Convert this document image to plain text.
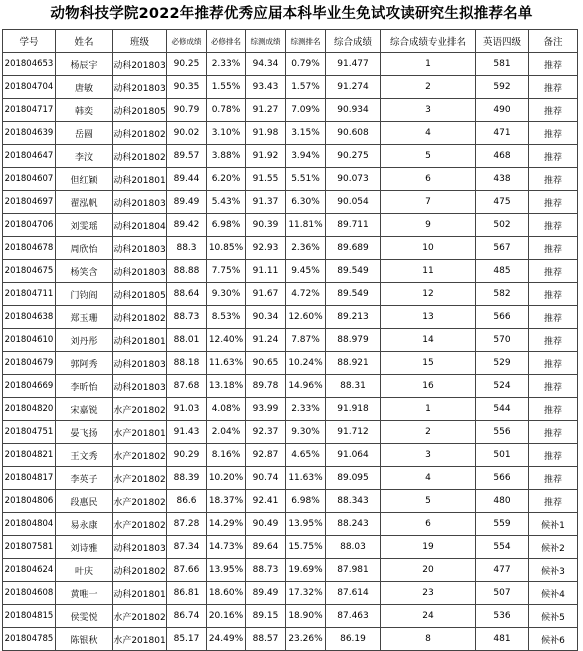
动物科技学院2022年推荐优秀应届本科毕业生免试攻读研究生拟推荐名单
学号	姓名	班级	必修成绩	必修排名	综测成绩	综测排名	综合成绩	综合成绩专业排名	英语四级	备注
201804653	杨辰宇	动科201803	90.25	2.33%	94.34	0.79%	91.477	1	581	推荐
201804704	唐敏	动科201803	90.35	1.55%	93.43	1.57%	91.274	2	592	推荐
201804717	韩奕	动科201805	90.79	0.78%	91.27	7.09%	90.934	3	490	推荐
201804639	岳圆	动科201802	90.02	3.10%	91.98	3.15%	90.608	4	471	推荐
201804647	李汶	动科201802	89.57	3.88%	91.92	3.94%	90.275	5	468	推荐
201804607	但红颖	动科201801	89.44	6.20%	91.55	5.51%	90.073	6	438	推荐
201804697	翟泓帆	动科201803	89.49	5.43%	91.37	6.30%	90.054	7	475	推荐
201804706	刘雯瑶	动科201804	89.42	6.98%	90.39	11.81%	89.711	9	502	推荐
201804678	周欣怡	动科201803	88.3	10.85%	92.93	2.36%	89.689	10	567	推荐
201804675	杨笑含	动科201803	88.88	7.75%	91.11	9.45%	89.549	11	485	推荐
201804711	门钧阎	动科201805	88.64	9.30%	91.67	4.72%	89.549	12	582	推荐
201804638	郑玉珊	动科201802	88.73	8.53%	90.34	12.60%	89.213	13	566	推荐
201804610	刘丹彤	动科201801	88.01	12.40%	91.24	7.87%	88.979	14	570	推荐
201804679	郭阿秀	动科201803	88.18	11.63%	90.65	10.24%	88.921	15	529	推荐
201804669	李昕怡	动科201803	87.68	13.18%	89.78	14.96%	88.31	16	524	推荐
201804820	宋嘉锐	水产201802	91.03	4.08%	93.99	2.33%	91.918	1	544	推荐
201804751	晏飞扬	水产201801	91.43	2.04%	92.37	9.30%	91.712	2	556	推荐
201804821	王文秀	水产201802	90.29	8.16%	92.87	4.65%	91.064	3	501	推荐
201804817	李英子	水产201802	88.39	10.20%	90.74	11.63%	89.095	4	566	推荐
201804806	段惠民	水产201802	86.6	18.37%	92.41	6.98%	88.343	5	480	推荐
201804804	易永康	水产201802	87.28	14.29%	90.49	13.95%	88.243	6	559	候补1
201807581	刘诗雅	动科201803	87.34	14.73%	89.64	15.75%	88.03	19	554	候补2
201804624	叶庆	动科201802	87.66	13.95%	88.73	19.69%	87.981	20	477	候补3
201804608	黄唯一	动科201801	86.81	18.60%	89.49	17.32%	87.614	23	507	候补4
201804815	侯雯悦	水产201802	86.74	20.16%	89.15	18.90%	87.463	24	536	候补5
201804785	陈银秋	水产201801	85.17	24.49%	88.57	23.26%	86.19	8	481	候补6
